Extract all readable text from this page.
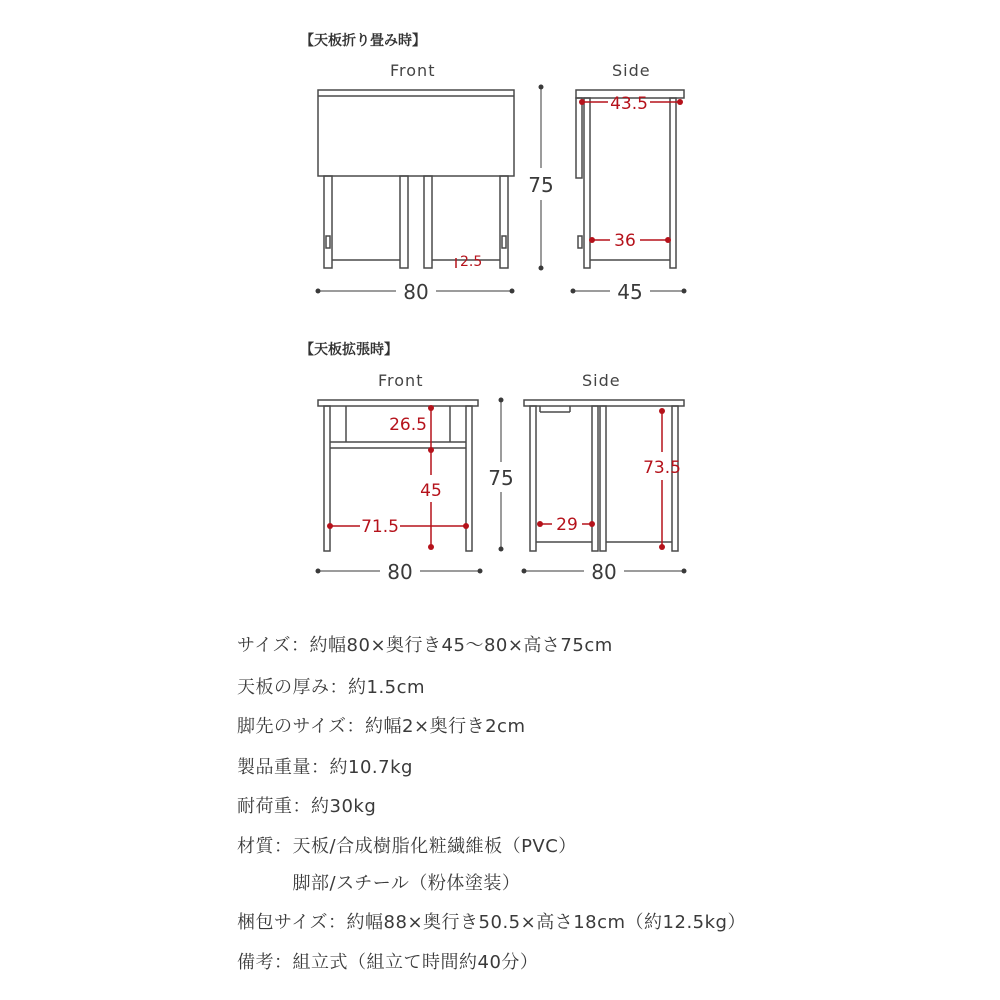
【天板折り畳み時】
Front	Side
2.5
80
75
43.5
36
45
【天板拡張時】
Front	Side
26.5
45
71.5
75
80
73.5
29
80
サイズ：約幅80×奥行き45〜80×高さ75cm
天板の厚み：約1.5cm
脚先のサイズ：約幅2×奥行き2cm
製品重量：約10.7kg
耐荷重：約30kg
材質：天板/合成樹脂化粧繊維板（PVC）
　　　脚部/スチール（粉体塗装）
梱包サイズ：約幅88×奥行き50.5×高さ18cm（約12.5kg）
備考：組立式（組立て時間約40分）
